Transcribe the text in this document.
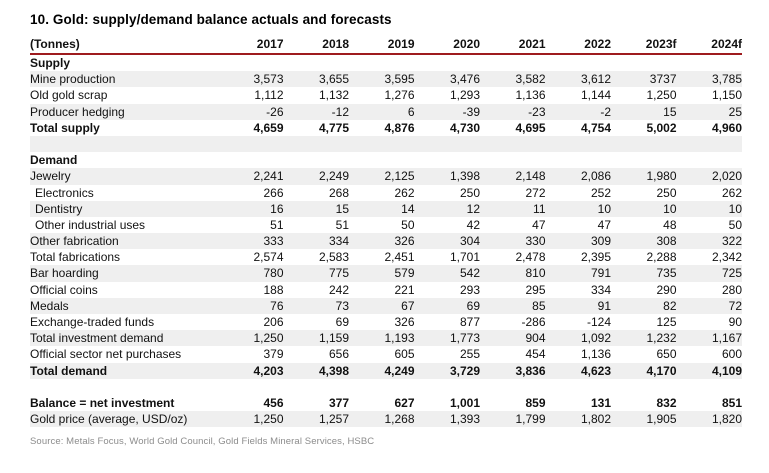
10. Gold: supply/demand balance actuals and forecasts
(Tonnes)	2017	2018	2019	2020	2021	2022	2023f	2024f
Supply
Mine production	3,573	3,655	3,595	3,476	3,582	3,612	3737	3,785
Old gold scrap	1,112	1,132	1,276	1,293	1,136	1,144	1,250	1,150
Producer hedging	-26	-12	6	-39	-23	-2	15	25
Total supply	4,659	4,775	4,876	4,730	4,695	4,754	5,002	4,960
Demand
Jewelry	2,241	2,249	2,125	1,398	2,148	2,086	1,980	2,020
Electronics	266	268	262	250	272	252	250	262
Dentistry	16	15	14	12	11	10	10	10
Other industrial uses	51	51	50	42	47	47	48	50
Other fabrication	333	334	326	304	330	309	308	322
Total fabrications	2,574	2,583	2,451	1,701	2,478	2,395	2,288	2,342
Bar hoarding	780	775	579	542	810	791	735	725
Official coins	188	242	221	293	295	334	290	280
Medals	76	73	67	69	85	91	82	72
Exchange-traded funds	206	69	326	877	-286	-124	125	90
Total investment demand	1,250	1,159	1,193	1,773	904	1,092	1,232	1,167
Official sector net purchases	379	656	605	255	454	1,136	650	600
Total demand	4,203	4,398	4,249	3,729	3,836	4,623	4,170	4,109
Balance = net investment	456	377	627	1,001	859	131	832	851
Gold price (average, USD/oz)	1,250	1,257	1,268	1,393	1,799	1,802	1,905	1,820
Source: Metals Focus, World Gold Council, Gold Fields Mineral Services, HSBC
